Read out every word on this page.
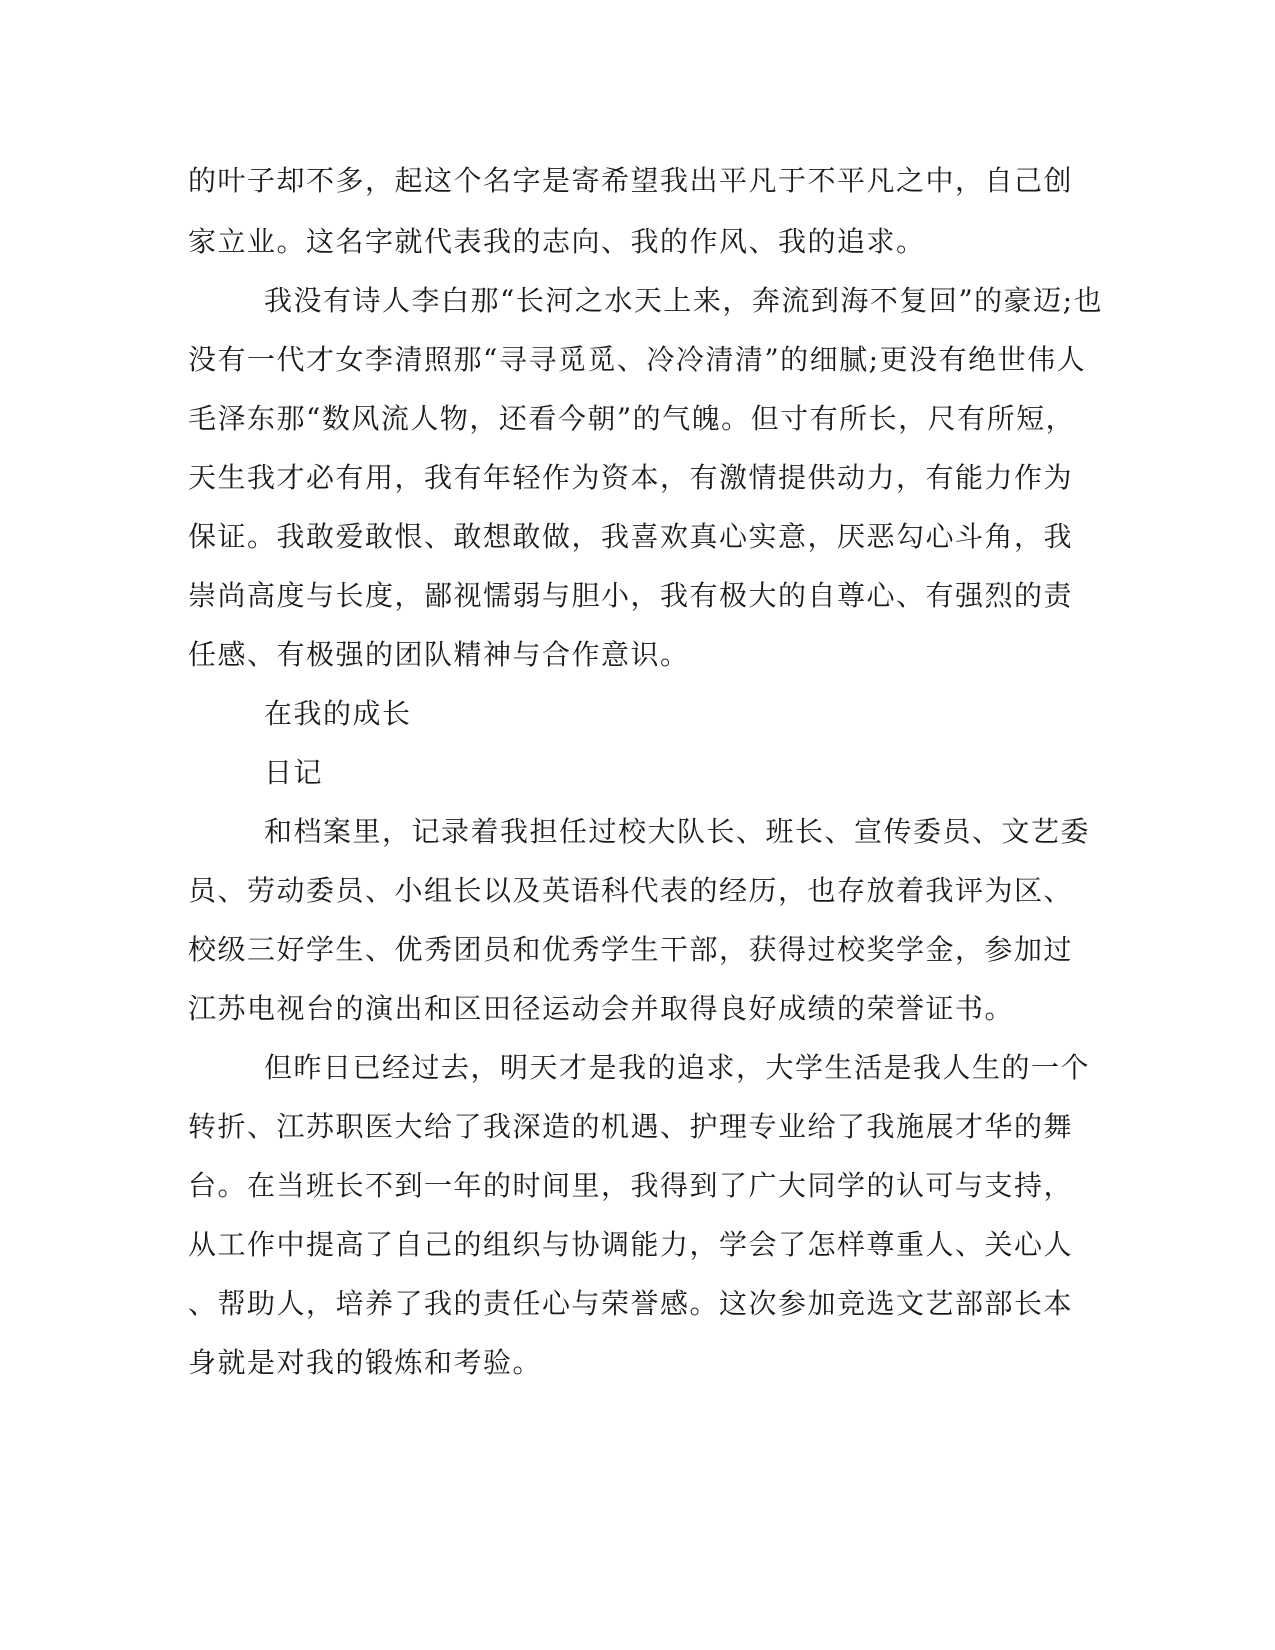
的叶子却不多，起这个名字是寄希望我出平凡于不平凡之中，自己创
家立业。这名字就代表我的志向、我的作风、我的追求。
我没有诗人李白那“长河之水天上来，奔流到海不复回”的豪迈;也
没有一代才女李清照那“寻寻觅觅、冷冷清清”的细腻;更没有绝世伟人
毛泽东那“数风流人物，还看今朝”的气魄。但寸有所长，尺有所短，
天生我才必有用，我有年轻作为资本，有激情提供动力，有能力作为
保证。我敢爱敢恨、敢想敢做，我喜欢真心实意，厌恶勾心斗角，我
崇尚高度与长度，鄙视懦弱与胆小，我有极大的自尊心、有强烈的责
任感、有极强的团队精神与合作意识。
在我的成长
日记
和档案里，记录着我担任过校大队长、班长、宣传委员、文艺委
员、劳动委员、小组长以及英语科代表的经历，也存放着我评为区、
校级三好学生、优秀团员和优秀学生干部，获得过校奖学金，参加过
江苏电视台的演出和区田径运动会并取得良好成绩的荣誉证书。
但昨日已经过去，明天才是我的追求，大学生活是我人生的一个
转折、江苏职医大给了我深造的机遇、护理专业给了我施展才华的舞
台。在当班长不到一年的时间里，我得到了广大同学的认可与支持，
从工作中提高了自己的组织与协调能力，学会了怎样尊重人、关心人
、帮助人，培养了我的责任心与荣誉感。这次参加竞选文艺部部长本
身就是对我的锻炼和考验。
